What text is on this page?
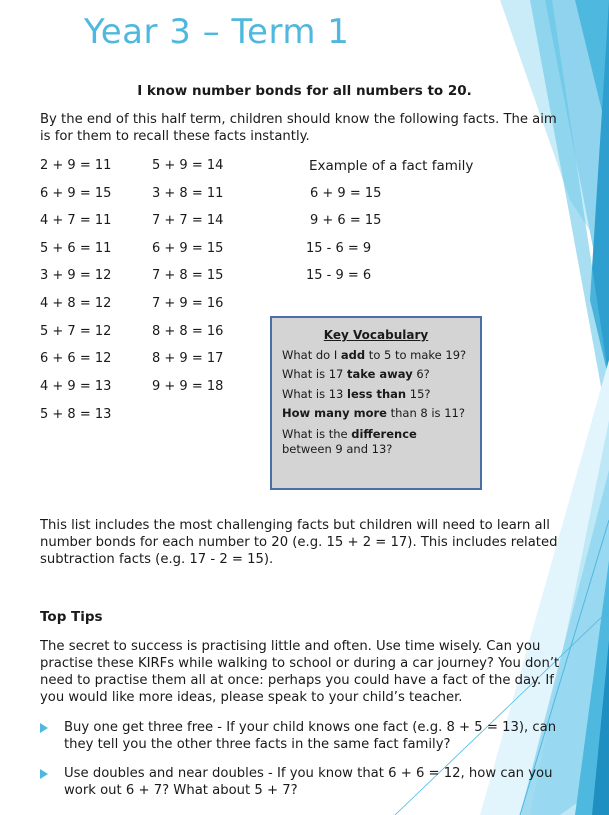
Year 3 – Term 1
I know number bonds for all numbers to 20.
By the end of this half term, children should know the following facts. The aim is for them to recall these facts instantly.
2 + 9 = 11
6 + 9 = 15
4 + 7 = 11
5 + 6 = 11
3 + 9 = 12
4 + 8 = 12
5 + 7 = 12
6 + 6 = 12
4 + 9 = 13
5 + 8 = 13
5 + 9 = 14
3 + 8 = 11
7 + 7 = 14
6 + 9 = 15
7 + 8 = 15
7 + 9 = 16
8 + 8 = 16
8 + 9 = 17
9 + 9 = 18
Example of a fact family
6 + 9 = 15
9 + 6 = 15
15 - 6 = 9
15 - 9 = 6
Key Vocabulary

What do I add to 5 to make 19?

What is 17 take away 6?

What is 13 less than 15?

How many more than 8 is 11?

What is the difference
between 9 and 13?

This list includes the most challenging facts but children will need to learn all number bonds for each number to 20 (e.g. 15 + 2 = 17). This includes related subtraction facts (e.g. 17 - 2 = 15).
Top Tips
The secret to success is practising little and often. Use time wisely. Can you practise these KIRFs while walking to school or during a car journey? You don’t need to practise them all at once: perhaps you could have a fact of the day. If you would like more ideas, please speak to your child’s teacher.
Buy one get three free - If your child knows one fact (e.g. 8 + 5 = 13), can they tell you the other three facts in the same fact family?
Use doubles and near doubles - If you know that 6 + 6 = 12, how can you work out 6 + 7? What about 5 + 7?
